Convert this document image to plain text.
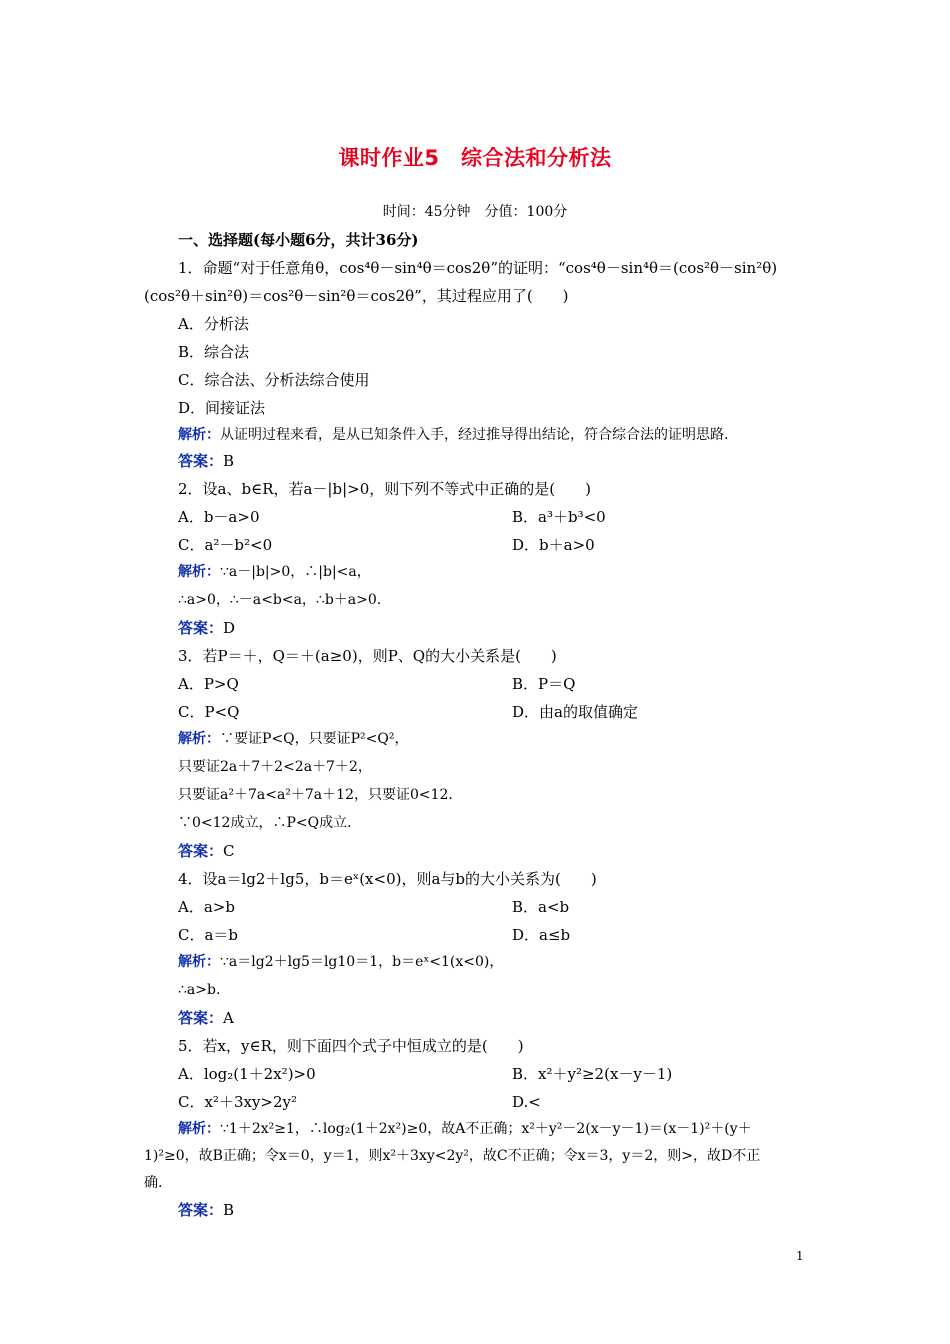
课时作业5　综合法和分析法
时间：45分钟　分值：100分
一、选择题(每小题6分，共计36分)
1．命题“对于任意角θ，cos⁴θ－sin⁴θ＝cos2θ”的证明：“cos⁴θ－sin⁴θ＝(cos²θ－sin²θ)
(cos²θ＋sin²θ)＝cos²θ－sin²θ＝cos2θ”，其过程应用了(　　)
A．分析法
B．综合法
C．综合法、分析法综合使用
D．间接证法
解析：从证明过程来看，是从已知条件入手，经过推导得出结论，符合综合法的证明思路.
答案：B
2．设a、b∈R，若a－|b|>0，则下列不等式中正确的是(　　)
A．b－a>0	B．a³＋b³<0
C．a²－b²<0	D．b＋a>0
解析：∵a－|b|>0，∴|b|<a，
∴a>0，∴－a<b<a，∴b＋a>0.
答案：D
3．若P＝＋，Q＝＋(a≥0)，则P、Q的大小关系是(　　)
A．P>Q	B．P＝Q
C．P<Q	D．由a的取值确定
解析：∵要证P<Q，只要证P²<Q²，
只要证2a＋7＋2<2a＋7＋2，
只要证a²＋7a<a²＋7a＋12，只要证0<12.
∵0<12成立，∴P<Q成立.
答案：C
4．设a＝lg2＋lg5，b＝eˣ(x<0)，则a与b的大小关系为(　　)
A．a>b	B．a<b
C．a＝b	D．a≤b
解析：∵a＝lg2＋lg5＝lg10＝1，b＝eˣ<1(x<0)，
∴a>b.
答案：A
5．若x，y∈R，则下面四个式子中恒成立的是(　　)
A．log₂(1＋2x²)>0	B．x²＋y²≥2(x－y－1)
C．x²＋3xy>2y²	D.<
解析：∵1＋2x²≥1，∴log₂(1＋2x²)≥0，故A不正确；x²＋y²－2(x－y－1)＝(x－1)²＋(y＋
1)²≥0，故B正确；令x＝0，y＝1，则x²＋3xy<2y²，故C不正确；令x＝3，y＝2，则>，故D不正
确.
答案：B
1
